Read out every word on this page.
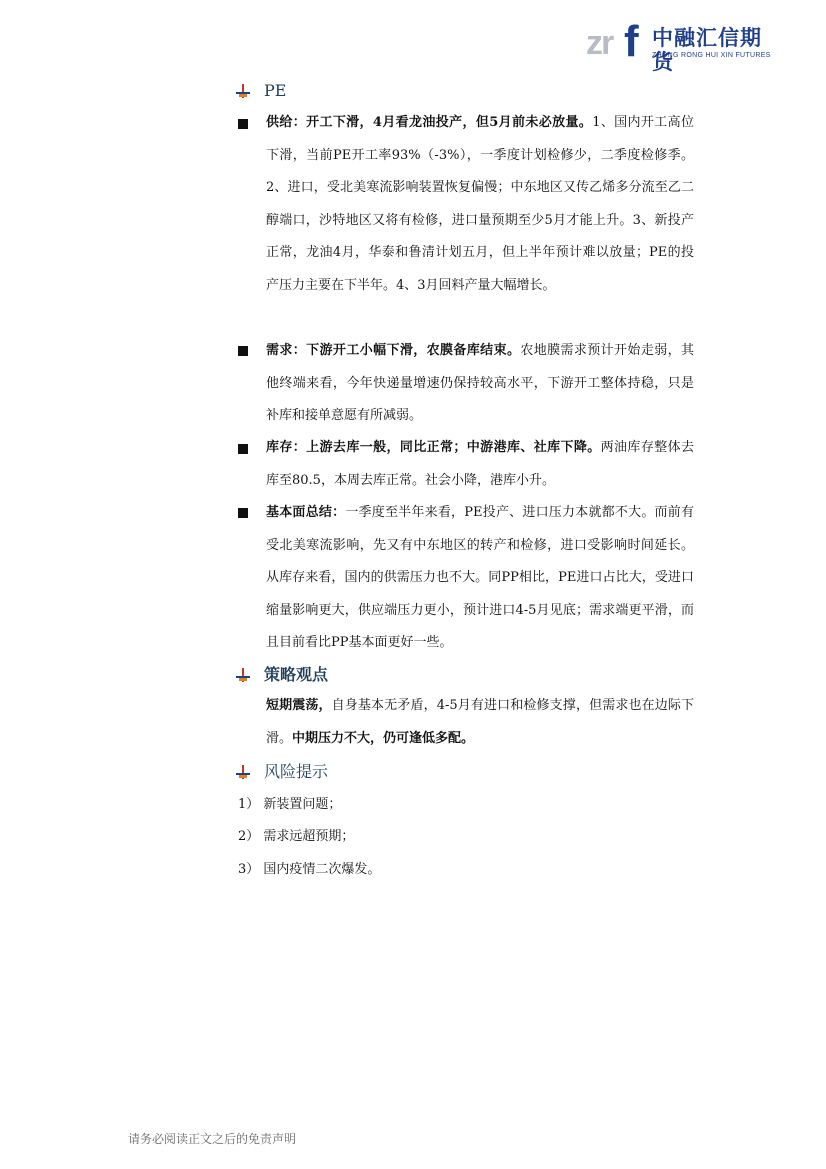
zr f 中融汇信期货
ZHONG RONG HUI XIN FUTURES
PE

供给：开工下滑，4月看龙油投产，但5月前未必放量。1、国内开工高位下滑，当前PE开工率93%（-3%），一季度计划检修少，二季度检修季。2、进口，受北美寒流影响装置恢复偏慢；中东地区又传乙烯多分流至乙二醇端口，沙特地区又将有检修，进口量预期至少5月才能上升。3、新投产正常，龙油4月，华泰和鲁清计划五月，但上半年预计难以放量；PE的投产压力主要在下半年。4、3月回料产量大幅增长。

需求：下游开工小幅下滑，农膜备库结束。农地膜需求预计开始走弱，其他终端来看，今年快递量增速仍保持较高水平，下游开工整体持稳，只是补库和接单意愿有所减弱。

库存：上游去库一般，同比正常；中游港库、社库下降。两油库存整体去库至80.5，本周去库正常。社会小降，港库小升。

基本面总结：一季度至半年来看，PE投产、进口压力本就都不大。而前有受北美寒流影响，先又有中东地区的转产和检修，进口受影响时间延长。从库存来看，国内的供需压力也不大。同PP相比，PE进口占比大，受进口缩量影响更大，供应端压力更小，预计进口4-5月见底；需求端更平滑，而且目前看比PP基本面更好一些。

策略观点

短期震荡，自身基本无矛盾，4-5月有进口和检修支撑，但需求也在边际下滑。中期压力不大，仍可逢低多配。

风险提示
1） 新装置问题；
2） 需求远超预期；
3） 国内疫情二次爆发。
请务必阅读正文之后的免责声明
